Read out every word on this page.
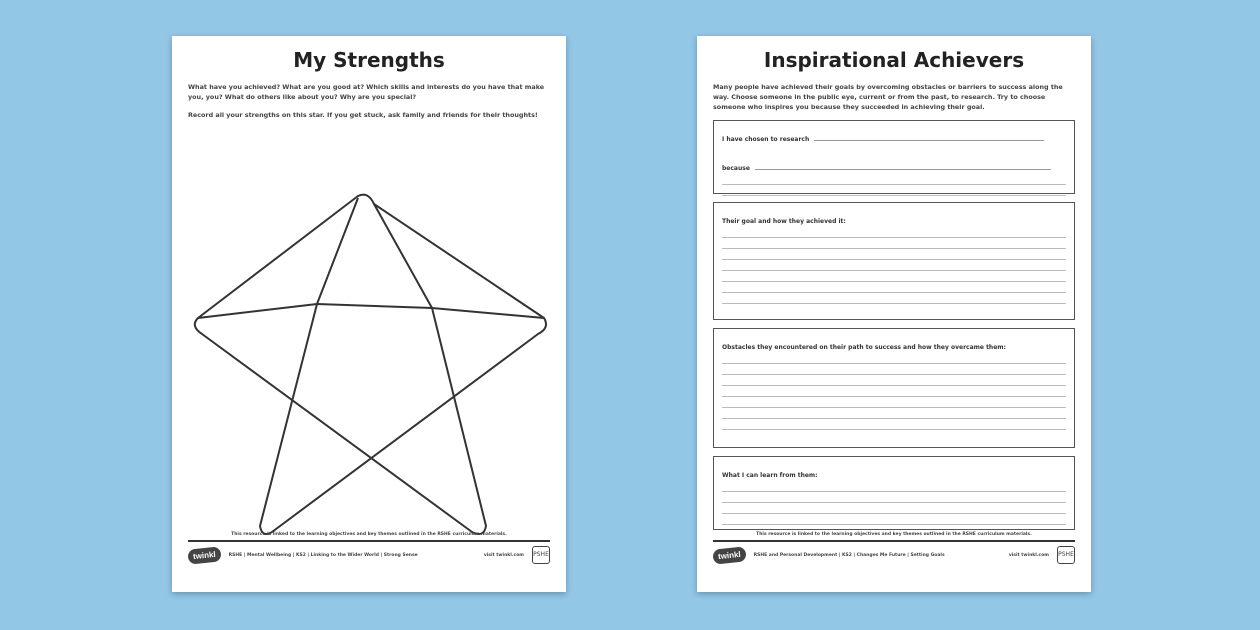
My Strengths

What have you achieved? What are you good at? Which skills and interests do you have that make you, you? What do others like about you? Why are you special?

Record all your strengths on this star. If you get stuck, ask family and friends for their thoughts!

This resource is linked to the learning objectives and key themes outlined in the RSHE curriculum materials.
twinkl	RSHE | Mental Wellbeing | KS2 | Linking to the Wider World | Strong Sense	visit twinkl.com PSHE
Inspirational Achievers

Many people have achieved their goals by overcoming obstacles or barriers to success along the way. Choose someone in the public eye, current or from the past, to research. Try to choose someone who inspires you because they succeeded in achieving their goal.

I have chosen to research
because
Their goal and how they achieved it:
Obstacles they encountered on their path to success and how they overcame them:
What I can learn from them:
This resource is linked to the learning objectives and key themes outlined in the RSHE curriculum materials.
twinkl	RSHE and Personal Development | KS2 | Changes Me Future | Setting Goals	visit twinkl.com PSHE
